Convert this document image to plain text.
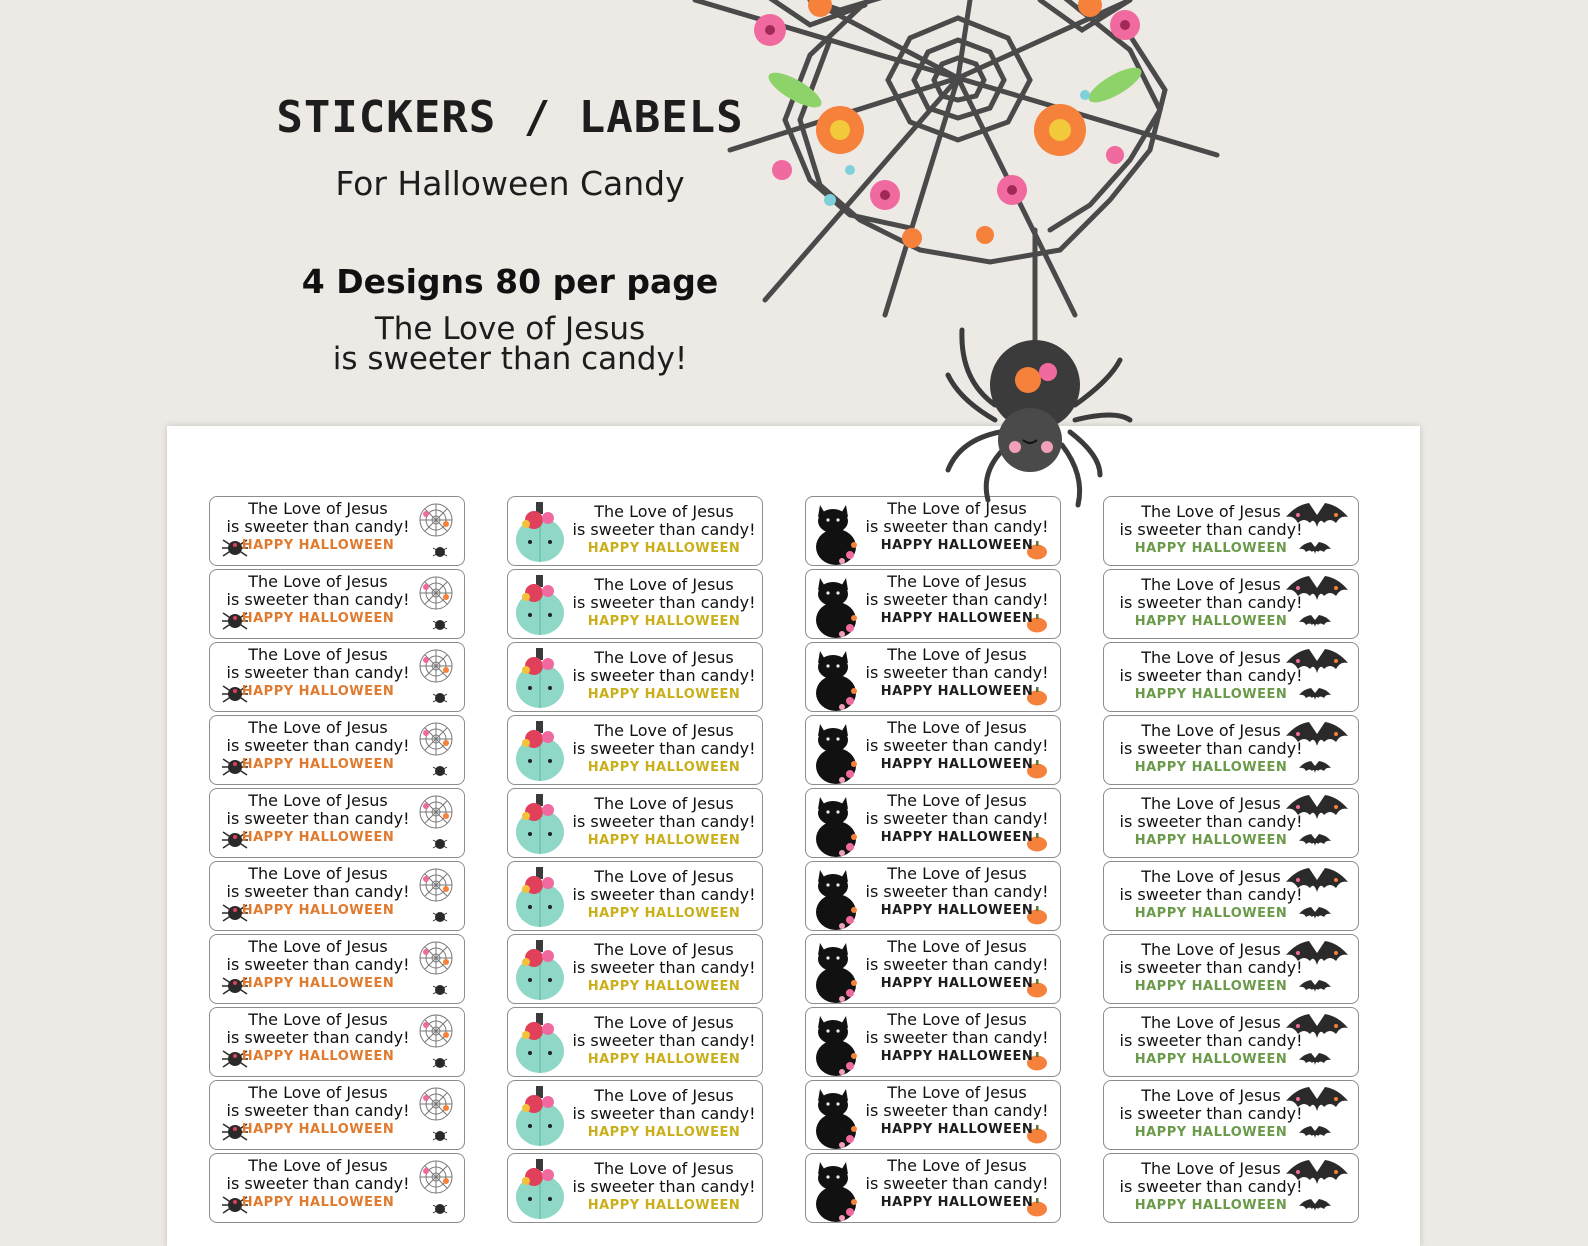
STICKERS / LABELS
For Halloween Candy
4 Designs 80 per page
The Love of Jesus
is sweeter than candy!
The Love of Jesus
is sweeter than candy!
HAPPY HALLOWEEN
The Love of Jesus
is sweeter than candy!
HAPPY HALLOWEEN
The Love of Jesus
is sweeter than candy!
HAPPY HALLOWEEN
The Love of Jesus
is sweeter than candy!
HAPPY HALLOWEEN
The Love of Jesus
is sweeter than candy!
HAPPY HALLOWEEN
The Love of Jesus
is sweeter than candy!
HAPPY HALLOWEEN
The Love of Jesus
is sweeter than candy!
HAPPY HALLOWEEN
The Love of Jesus
is sweeter than candy!
HAPPY HALLOWEEN
The Love of Jesus
is sweeter than candy!
HAPPY HALLOWEEN
The Love of Jesus
is sweeter than candy!
HAPPY HALLOWEEN
The Love of Jesus
is sweeter than candy!
HAPPY HALLOWEEN
The Love of Jesus
is sweeter than candy!
HAPPY HALLOWEEN
The Love of Jesus
is sweeter than candy!
HAPPY HALLOWEEN
The Love of Jesus
is sweeter than candy!
HAPPY HALLOWEEN
The Love of Jesus
is sweeter than candy!
HAPPY HALLOWEEN
The Love of Jesus
is sweeter than candy!
HAPPY HALLOWEEN
The Love of Jesus
is sweeter than candy!
HAPPY HALLOWEEN
The Love of Jesus
is sweeter than candy!
HAPPY HALLOWEEN
The Love of Jesus
is sweeter than candy!
HAPPY HALLOWEEN
The Love of Jesus
is sweeter than candy!
HAPPY HALLOWEEN
The Love of Jesus
is sweeter than candy!
HAPPY HALLOWEEN
The Love of Jesus
is sweeter than candy!
HAPPY HALLOWEEN
The Love of Jesus
is sweeter than candy!
HAPPY HALLOWEEN
The Love of Jesus
is sweeter than candy!
HAPPY HALLOWEEN
The Love of Jesus
is sweeter than candy!
HAPPY HALLOWEEN
The Love of Jesus
is sweeter than candy!
HAPPY HALLOWEEN
The Love of Jesus
is sweeter than candy!
HAPPY HALLOWEEN
The Love of Jesus
is sweeter than candy!
HAPPY HALLOWEEN
The Love of Jesus
is sweeter than candy!
HAPPY HALLOWEEN
The Love of Jesus
is sweeter than candy!
HAPPY HALLOWEEN
The Love of Jesus
is sweeter than candy!
HAPPY HALLOWEEN
The Love of Jesus
is sweeter than candy!
HAPPY HALLOWEEN
The Love of Jesus
is sweeter than candy!
HAPPY HALLOWEEN
The Love of Jesus
is sweeter than candy!
HAPPY HALLOWEEN
The Love of Jesus
is sweeter than candy!
HAPPY HALLOWEEN
The Love of Jesus
is sweeter than candy!
HAPPY HALLOWEEN
The Love of Jesus
is sweeter than candy!
HAPPY HALLOWEEN
The Love of Jesus
is sweeter than candy!
HAPPY HALLOWEEN
The Love of Jesus
is sweeter than candy!
HAPPY HALLOWEEN
The Love of Jesus
is sweeter than candy!
HAPPY HALLOWEEN
